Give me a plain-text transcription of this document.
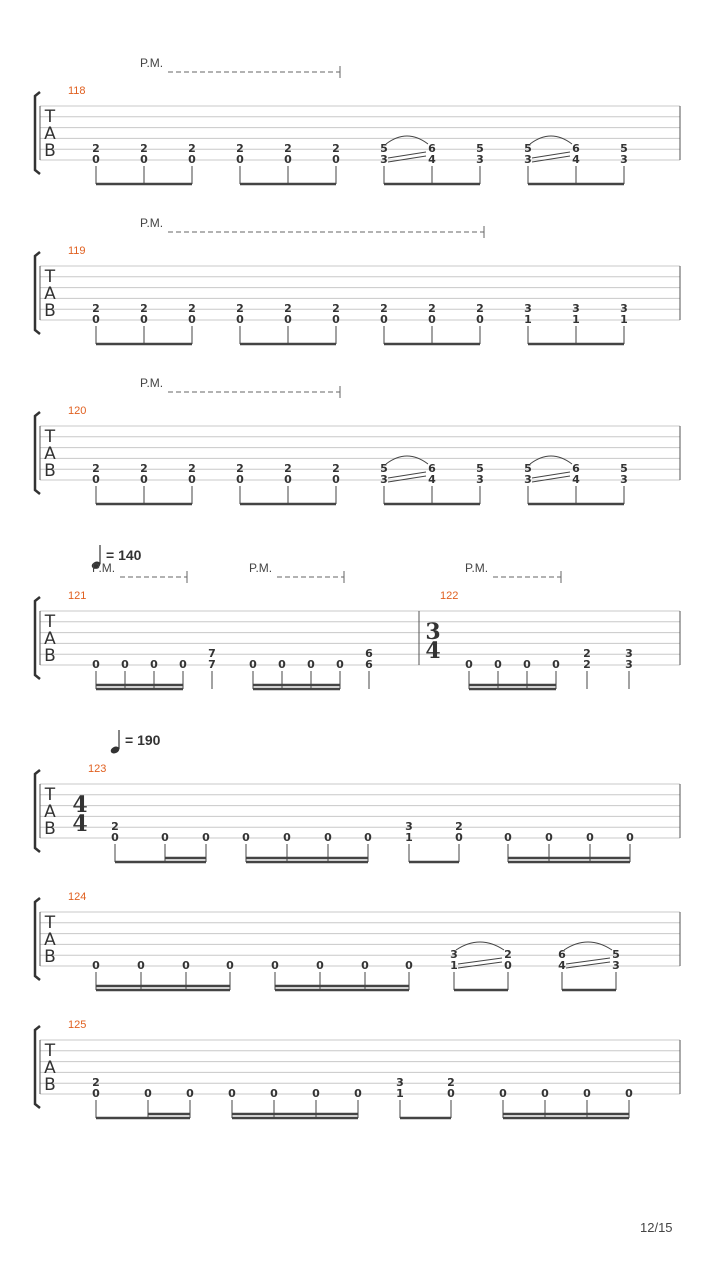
T
A
B
118
P.M.
2
0
2
0
2
0
2
0
2
0
2
0
5
3
6
4
5
3
5
3
6
4
5
3
T
A
B
119
P.M.
2
0
2
0
2
0
2
0
2
0
2
0
2
0
2
0
2
0
3
1
3
1
3
1
T
A
B
120
P.M.
2
0
2
0
2
0
2
0
2
0
2
0
5
3
6
4
5
3
5
3
6
4
5
3
T
A
B
121	122
= 140
P.M.	P.M.	P.M.
3
4
0 0 0 0
7
7	0 0 0 0
6
6	0 0 0 0
2
2
3
3
T
A
B
123
= 190
4
4 2
0	0	0	0	0	0	0
3
1
2
0	0	0	0	0
T
A
B
124
0	0	0	0	0	0	0	0
3
1
2
0
6
4
5
3
T
A
B
125
2
0	0	0	0	0	0	0
3
1
2
0	0	0	0	0
12/15
